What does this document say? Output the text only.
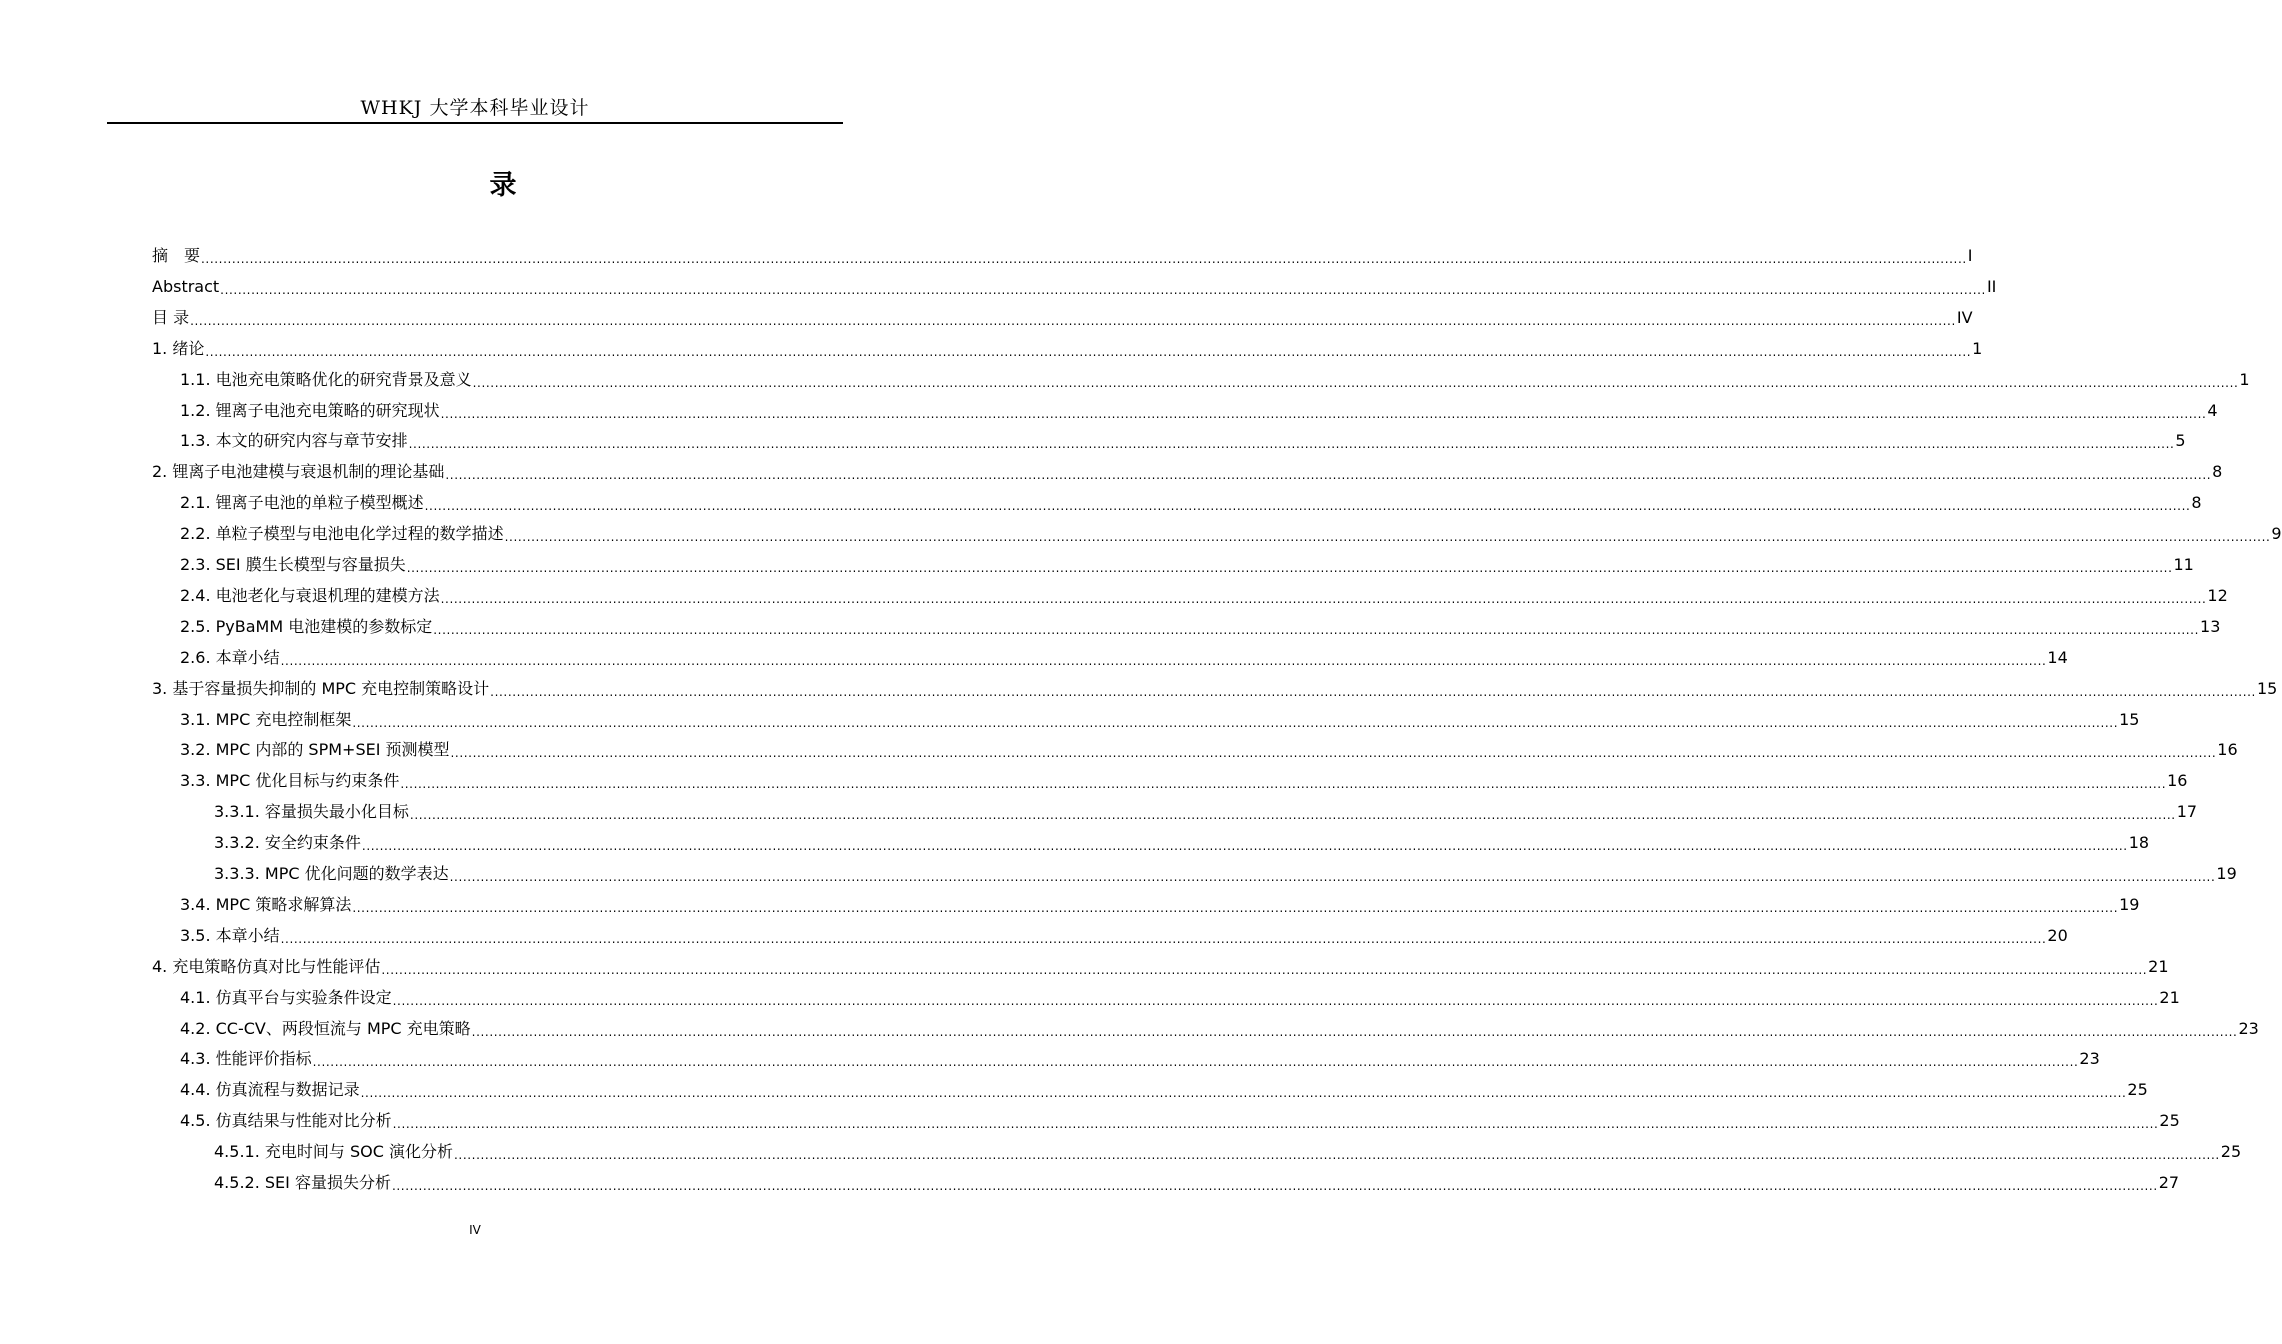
WHKJ 大学本科毕业设计
录
摘　要 ................................................................................................................................................................................................................................................................................................................................................................................................................ I
Abstract ................................................................................................................................................................................................................................................................................................................................................................................................................ II
目 录 ................................................................................................................................................................................................................................................................................................................................................................................................................ IV
1.
绪论 ................................................................................................................................................................................................................................................................................................................................................................................................................ 1
1.1.
电池充电策略优化的研究背景及意义 ................................................................................................................................................................................................................................................................................................................................................................................................................ 1
1.2.
锂离子电池充电策略的研究现状 ................................................................................................................................................................................................................................................................................................................................................................................................................ 4
1.3.
本文的研究内容与章节安排 ................................................................................................................................................................................................................................................................................................................................................................................................................ 5
2.
锂离子电池建模与衰退机制的理论基础 ................................................................................................................................................................................................................................................................................................................................................................................................................ 8
2.1.
锂离子电池的单粒子模型概述 ................................................................................................................................................................................................................................................................................................................................................................................................................ 8
2.2.
单粒子模型与电池电化学过程的数学描述 ................................................................................................................................................................................................................................................................................................................................................................................................................ 9
2.3.
SEI 膜生长模型与容量损失 ................................................................................................................................................................................................................................................................................................................................................................................................................ 11
2.4.
电池老化与衰退机理的建模方法 ................................................................................................................................................................................................................................................................................................................................................................................................................ 12
2.5.
PyBaMM 电池建模的参数标定 ................................................................................................................................................................................................................................................................................................................................................................................................................ 13
2.6.
本章小结 ................................................................................................................................................................................................................................................................................................................................................................................................................ 14
3.
基于容量损失抑制的 MPC 充电控制策略设计 ................................................................................................................................................................................................................................................................................................................................................................................................................ 15
3.1.
MPC 充电控制框架 ................................................................................................................................................................................................................................................................................................................................................................................................................ 15
3.2.
MPC 内部的 SPM+SEI 预测模型 ................................................................................................................................................................................................................................................................................................................................................................................................................ 16
3.3.
MPC 优化目标与约束条件 ................................................................................................................................................................................................................................................................................................................................................................................................................ 16
3.3.1.
容量损失最小化目标 ................................................................................................................................................................................................................................................................................................................................................................................................................ 17
3.3.2.
安全约束条件 ................................................................................................................................................................................................................................................................................................................................................................................................................ 18
3.3.3.
MPC 优化问题的数学表达 ................................................................................................................................................................................................................................................................................................................................................................................................................ 19
3.4.
MPC 策略求解算法 ................................................................................................................................................................................................................................................................................................................................................................................................................ 19
3.5.
本章小结 ................................................................................................................................................................................................................................................................................................................................................................................................................ 20
4.
充电策略仿真对比与性能评估 ................................................................................................................................................................................................................................................................................................................................................................................................................ 21
4.1.
仿真平台与实验条件设定 ................................................................................................................................................................................................................................................................................................................................................................................................................ 21
4.2.
CC-CV、两段恒流与 MPC 充电策略 ................................................................................................................................................................................................................................................................................................................................................................................................................ 23
4.3.
性能评价指标 ................................................................................................................................................................................................................................................................................................................................................................................................................ 23
4.4.
仿真流程与数据记录 ................................................................................................................................................................................................................................................................................................................................................................................................................ 25
4.5.
仿真结果与性能对比分析 ................................................................................................................................................................................................................................................................................................................................................................................................................ 25
4.5.1.
充电时间与 SOC 演化分析 ................................................................................................................................................................................................................................................................................................................................................................................................................ 25
4.5.2.
SEI 容量损失分析 ................................................................................................................................................................................................................................................................................................................................................................................................................ 27
IV
